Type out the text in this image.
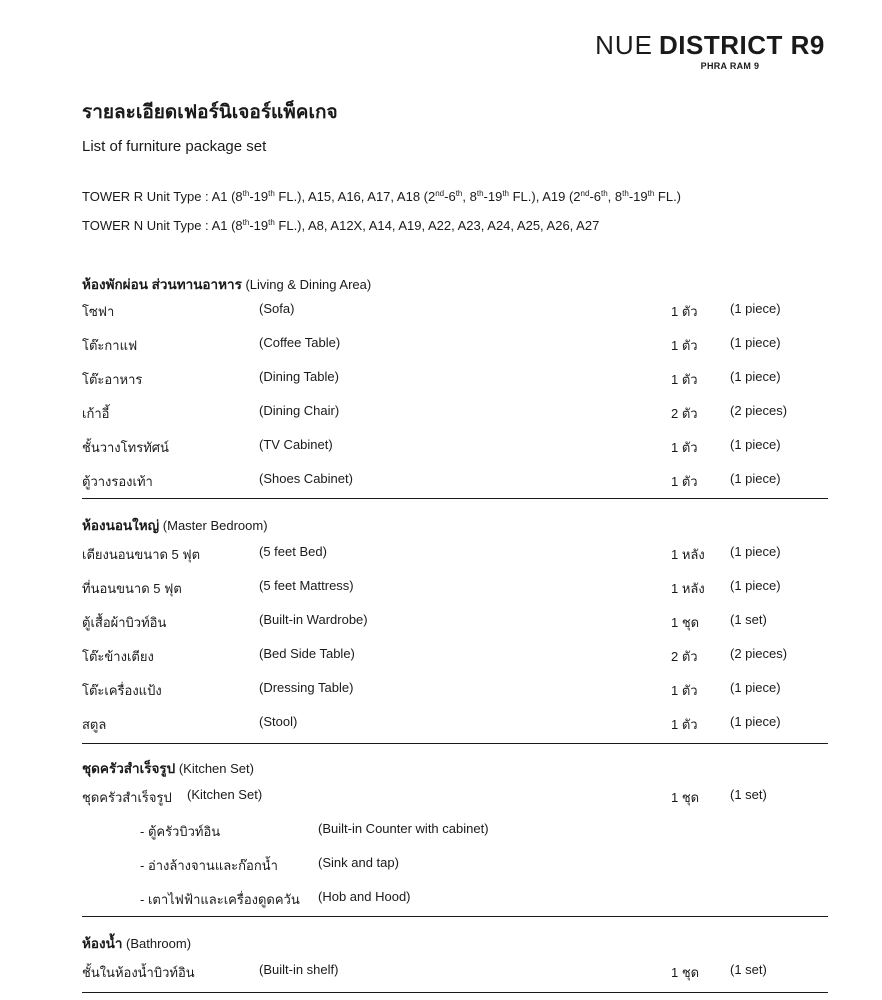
NUE DISTRICT R9
PHRA RAM 9
รายละเอียดเฟอร์นิเจอร์แพ็คเกจ
List of furniture package set
TOWER R Unit Type : A1 (8th-19th FL.), A15, A16, A17, A18 (2nd-6th, 8th-19th FL.), A19 (2nd-6th, 8th-19th FL.)
TOWER N Unit Type : A1 (8th-19th FL.), A8, A12X, A14, A19, A22, A23, A24, A25, A26, A27
ห้องพักผ่อน ส่วนทานอาหาร (Living & Dining Area)
โซฟา	(Sofa)	1 ตัว (1 piece)
โต๊ะกาแฟ	(Coffee Table)	1 ตัว (1 piece)
โต๊ะอาหาร	(Dining Table)	1 ตัว (1 piece)
เก้าอี้	(Dining Chair)	2 ตัว (2 pieces)
ชั้นวางโทรทัศน์	(TV Cabinet)	1 ตัว (1 piece)
ตู้วางรองเท้า	(Shoes Cabinet)	1 ตัว (1 piece)
ห้องนอนใหญ่ (Master Bedroom)
เตียงนอนขนาด 5 ฟุต	(5 feet Bed)	1 หลัง (1 piece)
ที่นอนขนาด 5 ฟุต	(5 feet Mattress)	1 หลัง (1 piece)
ตู้เสื้อผ้าบิวท์อิน	(Built-in Wardrobe)	1 ชุด (1 set)
โต๊ะข้างเตียง	(Bed Side Table)	2 ตัว (2 pieces)
โต๊ะเครื่องแป้ง	(Dressing Table)	1 ตัว (1 piece)
สตูล	(Stool)	1 ตัว (1 piece)
ชุดครัวสำเร็จรูป (Kitchen Set)
ชุดครัวสำเร็จรูป (Kitchen Set)	1 ชุด (1 set)
- ตู้ครัวบิวท์อิน	(Built-in Counter with cabinet)
- อ่างล้างจานและก๊อกน้ำ	(Sink and tap)
- เตาไฟฟ้าและเครื่องดูดควัน (Hob and Hood)
ห้องน้ำ (Bathroom)
ชั้นในห้องน้ำบิวท์อิน	(Built-in shelf)	1 ชุด (1 set)
